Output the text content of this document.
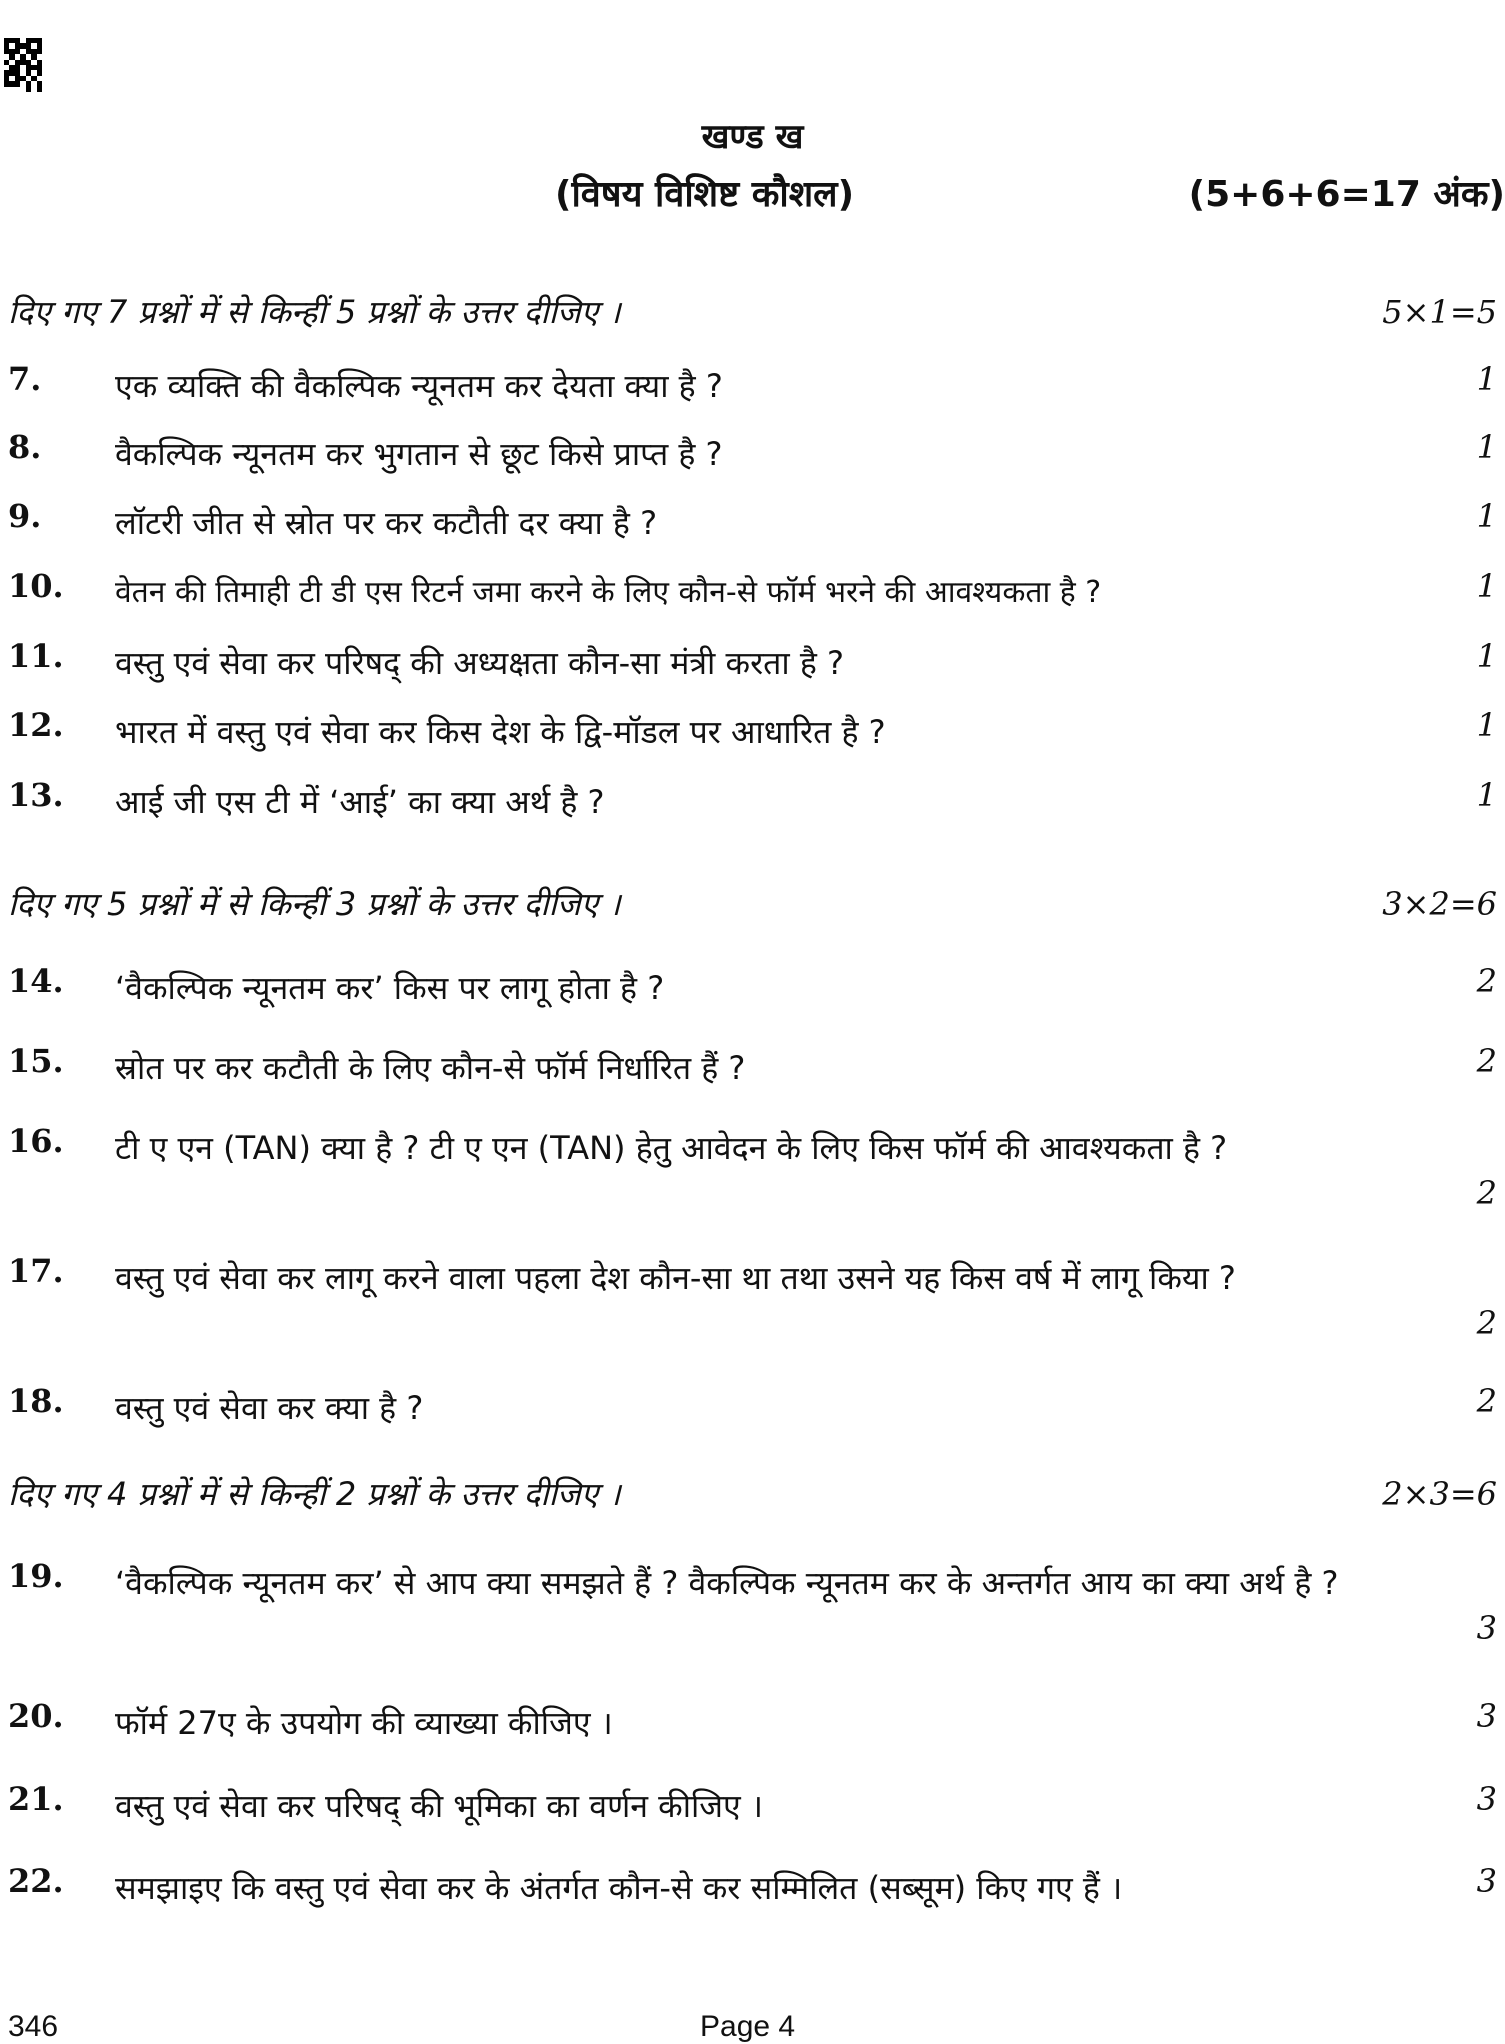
खण्ड ख
(विषय विशिष्ट कौशल)	(5+6+6=17 अंक)
दिए गए 7 प्रश्नों में से किन्हीं 5 प्रश्नों के उत्तर दीजिए ।	5×1=5
7. एक व्यक्ति की वैकल्पिक न्यूनतम कर देयता क्या है ?	1
8. वैकल्पिक न्यूनतम कर भुगतान से छूट किसे प्राप्त है ?	1
9. लॉटरी जीत से स्रोत पर कर कटौती दर क्या है ?	1
10. वेतन की तिमाही टी डी एस रिटर्न जमा करने के लिए कौन-से फॉर्म भरने की आवश्यकता है ?	1
11. वस्तु एवं सेवा कर परिषद् की अध्यक्षता कौन-सा मंत्री करता है ?	1
12. भारत में वस्तु एवं सेवा कर किस देश के द्वि-मॉडल पर आधारित है ?	1
13. आई जी एस टी में ‘आई’ का क्या अर्थ है ?	1
दिए गए 5 प्रश्नों में से किन्हीं 3 प्रश्नों के उत्तर दीजिए ।	3×2=6
14. ‘वैकल्पिक न्यूनतम कर’ किस पर लागू होता है ?	2
15. स्रोत पर कर कटौती के लिए कौन-से फॉर्म निर्धारित हैं ?	2
16. टी ए एन (TAN) क्या है ? टी ए एन (TAN) हेतु आवेदन के लिए किस फॉर्म की आवश्यकता है ?
2
17. वस्तु एवं सेवा कर लागू करने वाला पहला देश कौन-सा था तथा उसने यह किस वर्ष में लागू किया ?
2
18. वस्तु एवं सेवा कर क्या है ?	2
दिए गए 4 प्रश्नों में से किन्हीं 2 प्रश्नों के उत्तर दीजिए ।	2×3=6
19. ‘वैकल्पिक न्यूनतम कर’ से आप क्या समझते हैं ? वैकल्पिक न्यूनतम कर के अन्तर्गत आय का क्या अर्थ है ?
3
20. फॉर्म 27ए के उपयोग की व्याख्या कीजिए ।	3
21. वस्तु एवं सेवा कर परिषद् की भूमिका का वर्णन कीजिए ।	3
22. समझाइए कि वस्तु एवं सेवा कर के अंतर्गत कौन-से कर सम्मिलित (सब्सूम) किए गए हैं ।	3
346	Page 4
